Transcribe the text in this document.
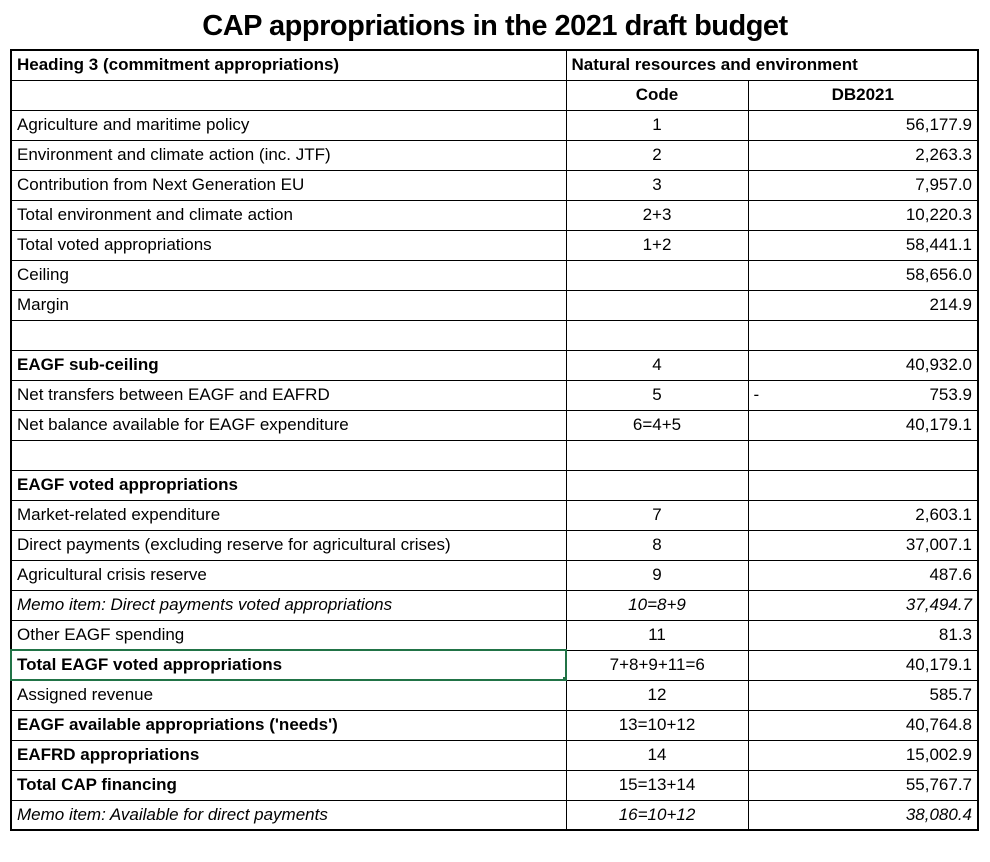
CAP appropriations in the 2021 draft budget
Heading 3 (commitment appropriations)	Natural resources and environment	
	Code	DB2021
Agriculture and maritime policy	1	56,177.9
Environment and climate action (inc. JTF)	2	2,263.3
Contribution from Next Generation EU	3	7,957.0
Total environment and climate action	2+3	10,220.3
Total voted appropriations	1+2	58,441.1
Ceiling		58,656.0
Margin		214.9

EAGF sub-ceiling	4	40,932.0
Net transfers between EAGF and EAFRD	5	- 753.9
Net balance available for EAGF expenditure	6=4+5	40,179.1

EAGF voted appropriations		
Market-related expenditure	7	2,603.1
Direct payments (excluding reserve for agricultural crises)	8	37,007.1
Agricultural crisis reserve	9	487.6
Memo item: Direct payments voted appropriations	10=8+9	37,494.7
Other EAGF spending	11	81.3
Total EAGF voted appropriations	7+8+9+11=6	40,179.1
Assigned revenue	12	585.7
EAGF available appropriations ('needs')	13=10+12	40,764.8
EAFRD appropriations	14	15,002.9
Total CAP financing	15=13+14	55,767.7
Memo item: Available for direct payments	16=10+12	38,080.4
